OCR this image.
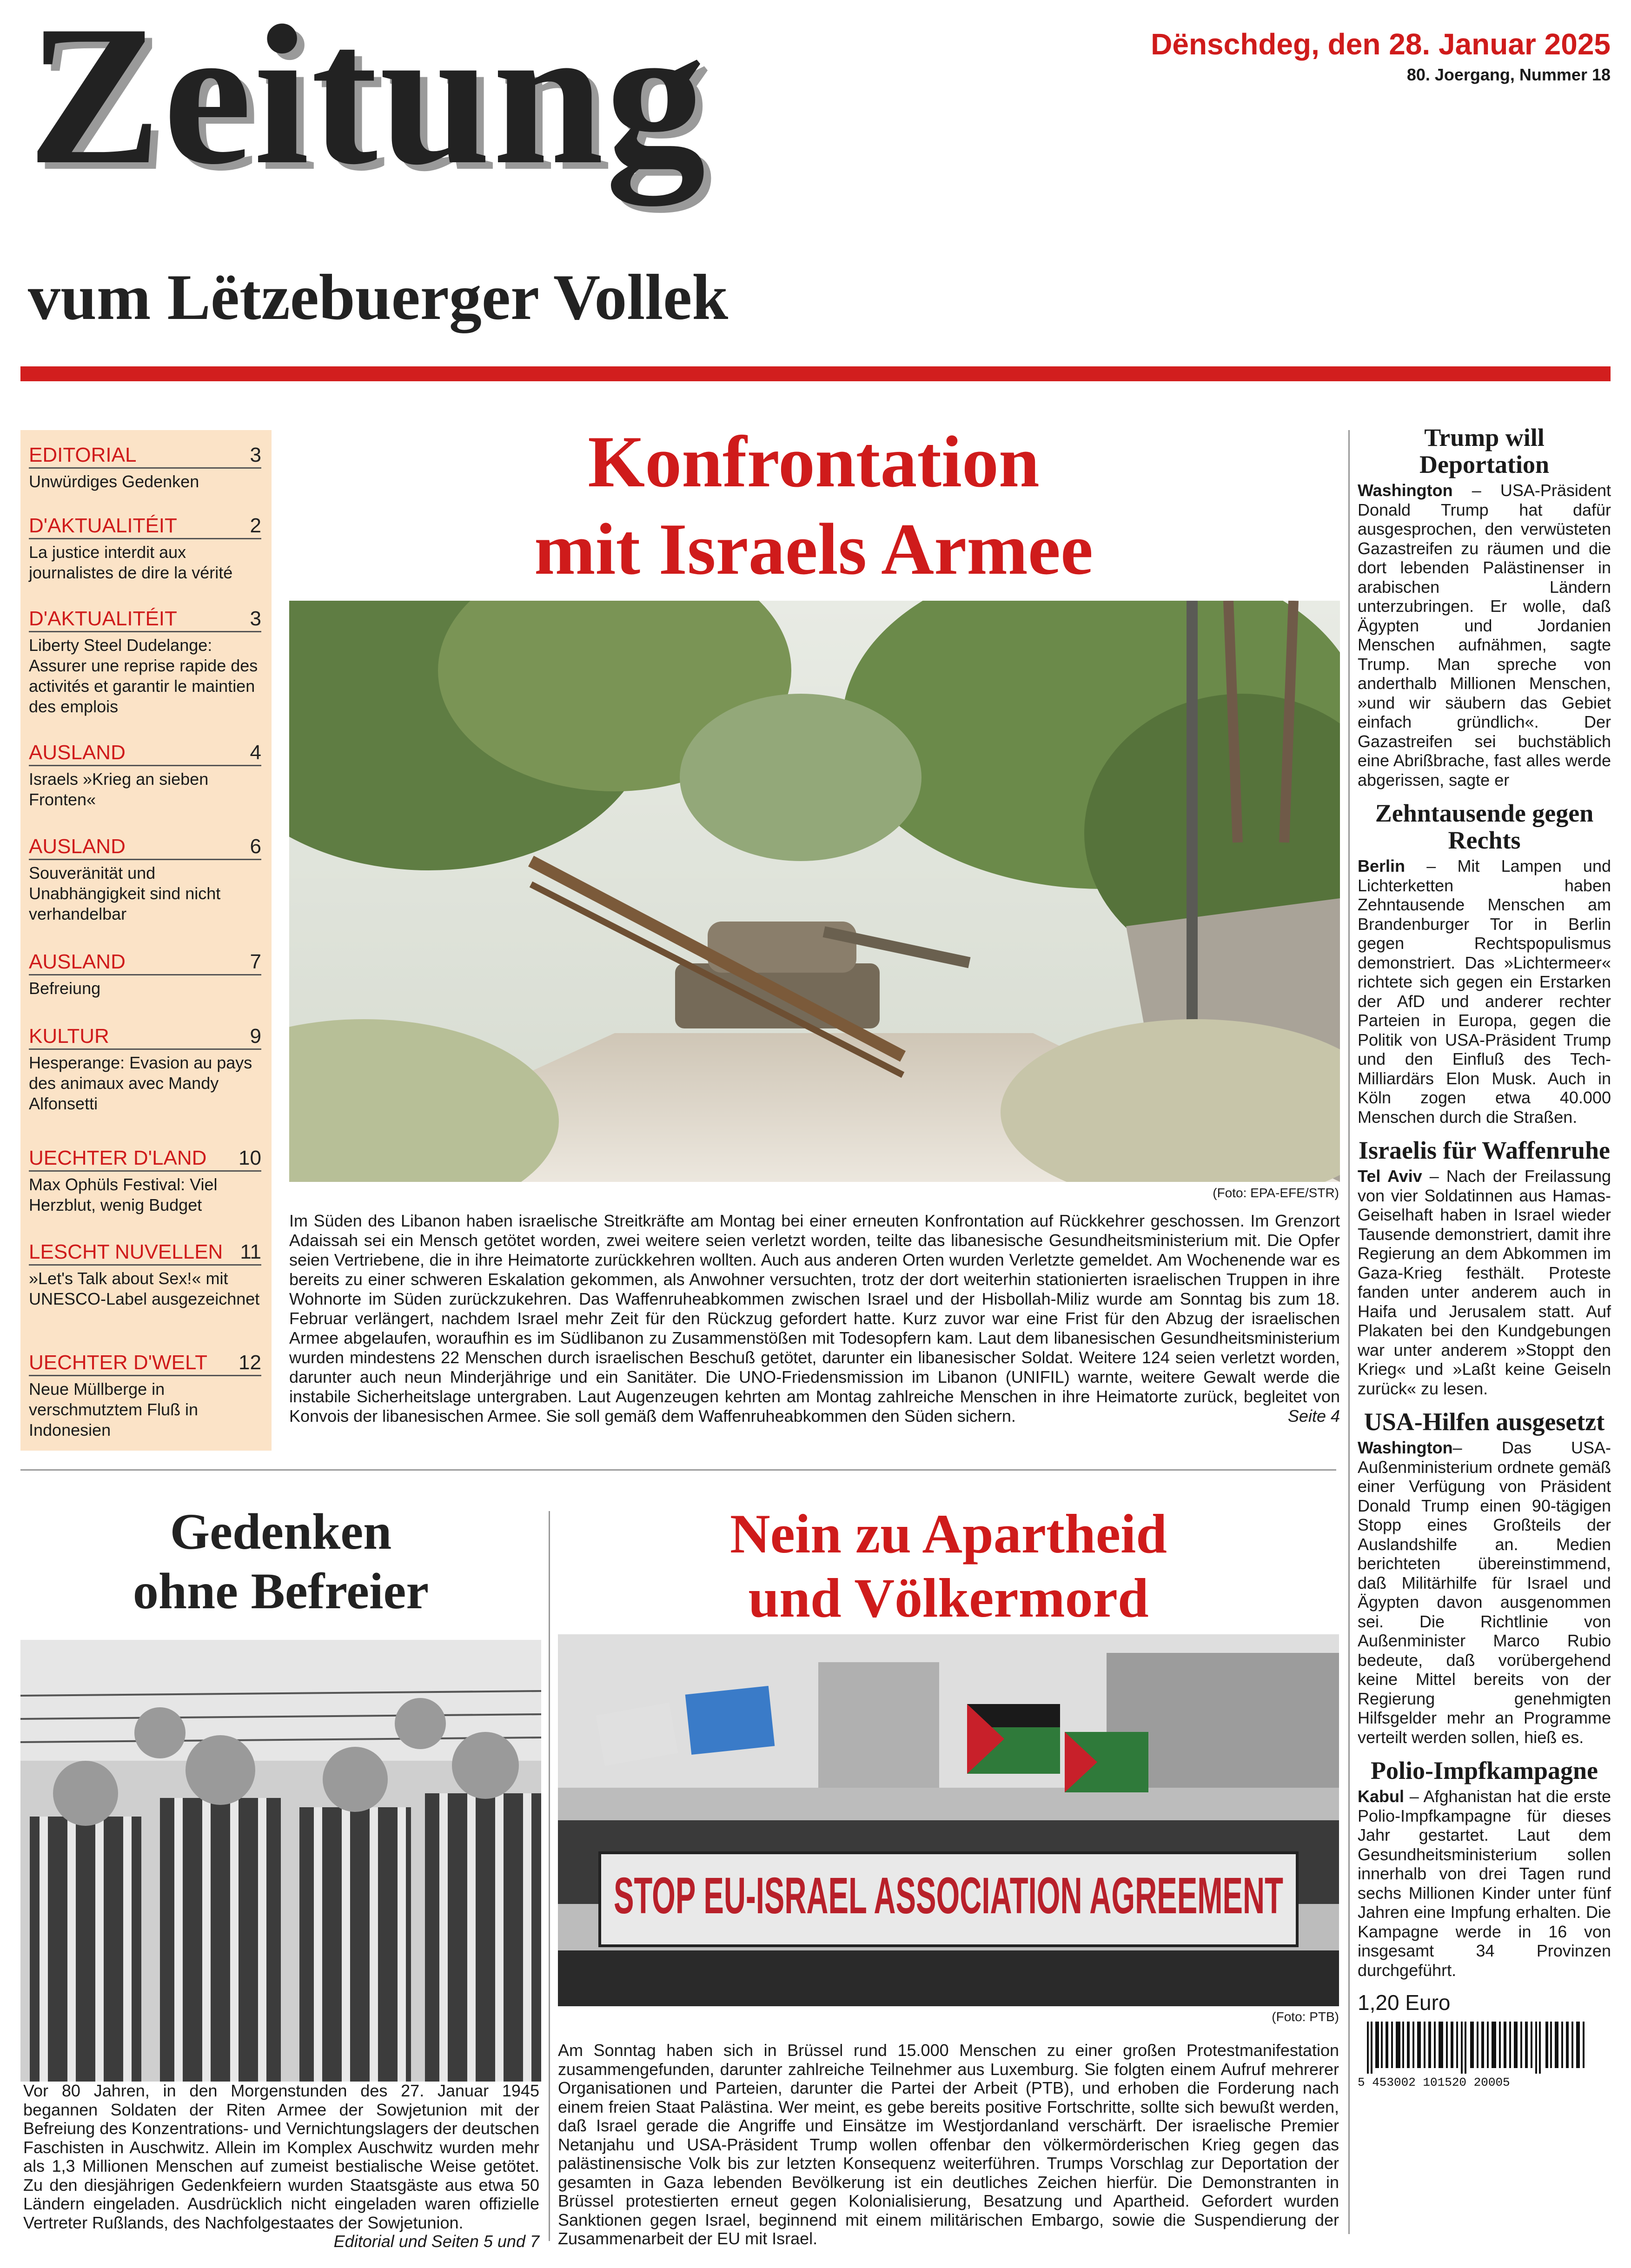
Zeitung
vum Lëtzebuerger Vollek
Dënschdeg, den 28. Januar 2025
80. Joergang, Nummer 18
EDITORIAL	3
Unwürdiges Gedenken
D'AKTUALITÉIT	2
La justice interdit aux journalistes de dire la vérité
D'AKTUALITÉIT	3
Liberty Steel Dudelange: Assurer une reprise rapide des activités et garantir le maintien des emplois
AUSLAND	4
Israels »Krieg an sieben Fronten«
AUSLAND	6
Souveränität und Unabhängigkeit sind nicht verhandelbar
AUSLAND	7
Befreiung
KULTUR	9
Hesperange: Evasion au pays des animaux avec Mandy Alfonsetti
UECHTER D'LAND 10
Max Ophüls Festival: Viel Herzblut, wenig Budget
LESCHT NUVELLEN 11
»Let's Talk about Sex!« mit UNESCO-Label ausgezeichnet
UECHTER D'WELT 12
Neue Müllberge in verschmutztem Fluß in Indonesien
Konfrontation
mit Israels Armee
(Foto: EPA-EFE/STR)
Im Süden des Libanon haben israelische Streitkräfte am Montag bei einer erneuten Konfrontation auf Rückkehrer geschossen. Im Grenzort Adaissah sei ein Mensch getötet worden, zwei weitere seien verletzt worden, teilte das libanesische Gesundheitsministerium mit. Die Opfer seien Vertriebene, die in ihre Heimatorte zurückkehren wollten. Auch aus anderen Orten wurden Verletzte gemeldet. Am Wochenende war es bereits zu einer schweren Eskalation gekommen, als Anwohner versuchten, trotz der dort weiterhin stationierten israelischen Truppen in ihre Wohnorte im Süden zurückzukehren. Das Waffenruheabkommen zwischen Israel und der Hisbollah-Miliz wurde am Sonntag bis zum 18. Februar verlängert, nachdem Israel mehr Zeit für den Rückzug gefordert hatte. Kurz zuvor war eine Frist für den Abzug der israelischen Armee abgelaufen, woraufhin es im Südlibanon zu Zusammenstößen mit Todesopfern kam. Laut dem libanesischen Gesundheitsministerium wurden mindestens 22 Menschen durch israelischen Beschuß getötet, darunter ein libanesischer Soldat. Weitere 124 seien verletzt worden, darunter auch neun Minderjährige und ein Sanitäter. Die UNO-Friedensmission im Libanon (UNIFIL) warnte, weitere Gewalt werde die instabile Sicherheitslage untergraben. Laut Augenzeugen kehrten am Montag zahlreiche Menschen in ihre Heimatorte zurück, begleitet von Konvois der libanesischen Armee. Sie soll gemäß dem Waffenruheabkommen den Süden sichern.	Seite 4
Trump will Deportation
Washington – USA-Präsident Donald Trump hat dafür ausgesprochen, den verwüsteten Gazastreifen zu räumen und die dort lebenden Palästinenser in arabischen Ländern unterzubringen. Er wolle, daß Ägypten und Jordanien Menschen aufnähmen, sagte Trump. Man spreche von anderthalb Millionen Menschen, »und wir säubern das Gebiet einfach gründlich«. Der Gazastreifen sei buchstäblich eine Abrißbrache, fast alles werde abgerissen, sagte er
Zehntausende gegen Rechts
Berlin – Mit Lampen und Lichterketten haben Zehntausende Menschen am Brandenburger Tor in Berlin gegen Rechtspopulismus demonstriert. Das »Lichtermeer« richtete sich gegen ein Erstarken der AfD und anderer rechter Parteien in Europa, gegen die Politik von USA-Präsident Trump und den Einfluß des Tech-Milliardärs Elon Musk. Auch in Köln zogen etwa 40.000 Menschen durch die Straßen.
Israelis für Waffenruhe
Tel Aviv – Nach der Freilassung von vier Soldatinnen aus Hamas-Geiselhaft haben in Israel wieder Tausende demonstriert, damit ihre Regierung an dem Abkommen im Gaza-Krieg festhält. Proteste fanden unter anderem auch in Haifa und Jerusalem statt. Auf Plakaten bei den Kundgebungen war unter anderem »Stoppt den Krieg« und »Laßt keine Geiseln zurück« zu lesen.
USA-Hilfen ausgesetzt
Washington– Das USA-Außenministerium ordnete gemäß einer Verfügung von Präsident Donald Trump einen 90-tägigen Stopp eines Großteils der Auslandshilfe an. Medien berichteten übereinstimmend, daß Militärhilfe für Israel und Ägypten davon ausgenommen sei. Die Richtlinie von Außenminister Marco Rubio bedeute, daß vorübergehend keine Mittel bereits von der Regierung genehmigten Hilfsgelder mehr an Programme verteilt werden sollen, hieß es.
Polio-Impfkampagne
Kabul – Afghanistan hat die erste Polio-Impfkampagne für dieses Jahr gestartet. Laut dem Gesundheitsministerium sollen innerhalb von drei Tagen rund sechs Millionen Kinder unter fünf Jahren eine Impfung erhalten. Die Kampagne werde in 16 von insgesamt 34 Provinzen durchgeführt.
1,20 Euro
5 453002 101520 20005
Gedenken
ohne Befreier
Vor 80 Jahren, in den Morgenstunden des 27. Januar 1945 begannen Soldaten der Riten Armee der Sowjetunion mit der Befreiung des Konzentrations- und Vernichtungslagers der deutschen Faschisten in Auschwitz. Allein im Komplex Auschwitz wurden mehr als 1,3 Millionen Menschen auf zumeist bestialische Weise getötet. Zu den diesjährigen Gedenkfeiern wurden Staatsgäste aus etwa 50 Ländern eingeladen. Ausdrücklich nicht eingeladen waren offizielle Vertreter Rußlands, des Nachfolgestaates der Sowjetunion.
Editorial und Seiten 5 und 7
Nein zu Apartheid
und Völkermord
STOP EU-ISRAEL ASSOCIATION AGREEMENT
(Foto: PTB)
Am Sonntag haben sich in Brüssel rund 15.000 Menschen zu einer großen Protestmanifestation zusammengefunden, darunter zahlreiche Teilnehmer aus Luxemburg. Sie folgten einem Aufruf mehrerer Organisationen und Parteien, darunter die Partei der Arbeit (PTB), und erhoben die Forderung nach einem freien Staat Palästina. Wer meint, es gebe bereits positive Fortschritte, sollte sich bewußt werden, daß Israel gerade die Angriffe und Einsätze im Westjordanland verschärft. Der israelische Premier Netanjahu und USA-Präsident Trump wollen offenbar den völkermörderischen Krieg gegen das palästinensische Volk bis zur letzten Konsequenz weiterführen. Trumps Vorschlag zur Deportation der gesamten in Gaza lebenden Bevölkerung ist ein deutliches Zeichen hierfür. Die Demonstranten in Brüssel protestierten erneut gegen Kolonialisierung, Besatzung und Apartheid. Gefordert wurden Sanktionen gegen Israel, beginnend mit einem militärischen Embargo, sowie die Suspendierung der Zusammenarbeit der EU mit Israel.
